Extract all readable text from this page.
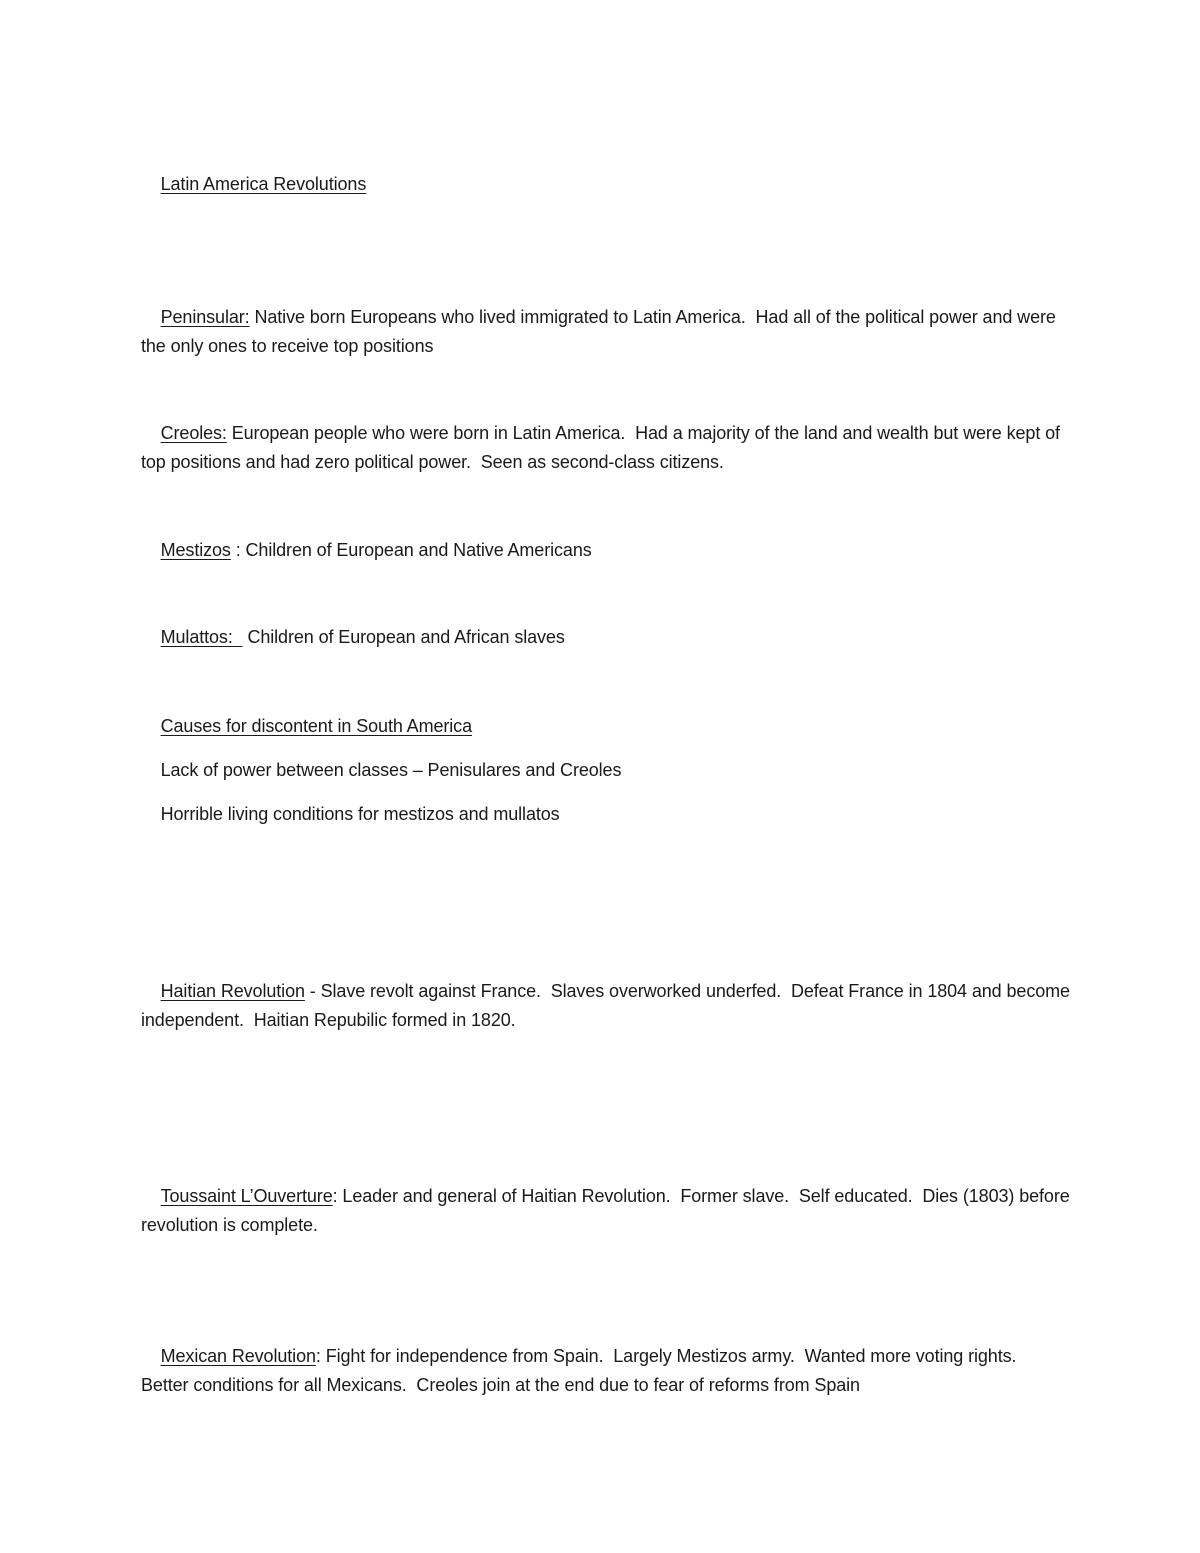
Latin America Revolutions

Peninsular: Native born Europeans who lived immigrated to Latin America.  Had all of the political power and were the only ones to receive top positions

Creoles: European people who were born in Latin America.  Had a majority of the land and wealth but were kept of  top positions and had zero political power.  Seen as second-class citizens.

Mestizos : Children of European and Native Americans

Mulattos:   Children of European and African slaves

Causes for discontent in South America

Lack of power between classes – Penisulares and Creoles

Horrible living conditions for mestizos and mullatos

Haitian Revolution - Slave revolt against France.  Slaves overworked underfed.  Defeat France in 1804 and become independent.  Haitian Repubilic formed in 1820.

Toussaint L’Ouverture: Leader and general of Haitian Revolution.  Former slave.  Self educated.  Dies (1803) before revolution is complete.

Mexican Revolution: Fight for independence from Spain.  Largely Mestizos army.  Wanted more voting rights.  Better conditions for all Mexicans.  Creoles join at the end due to fear of reforms from Spain
